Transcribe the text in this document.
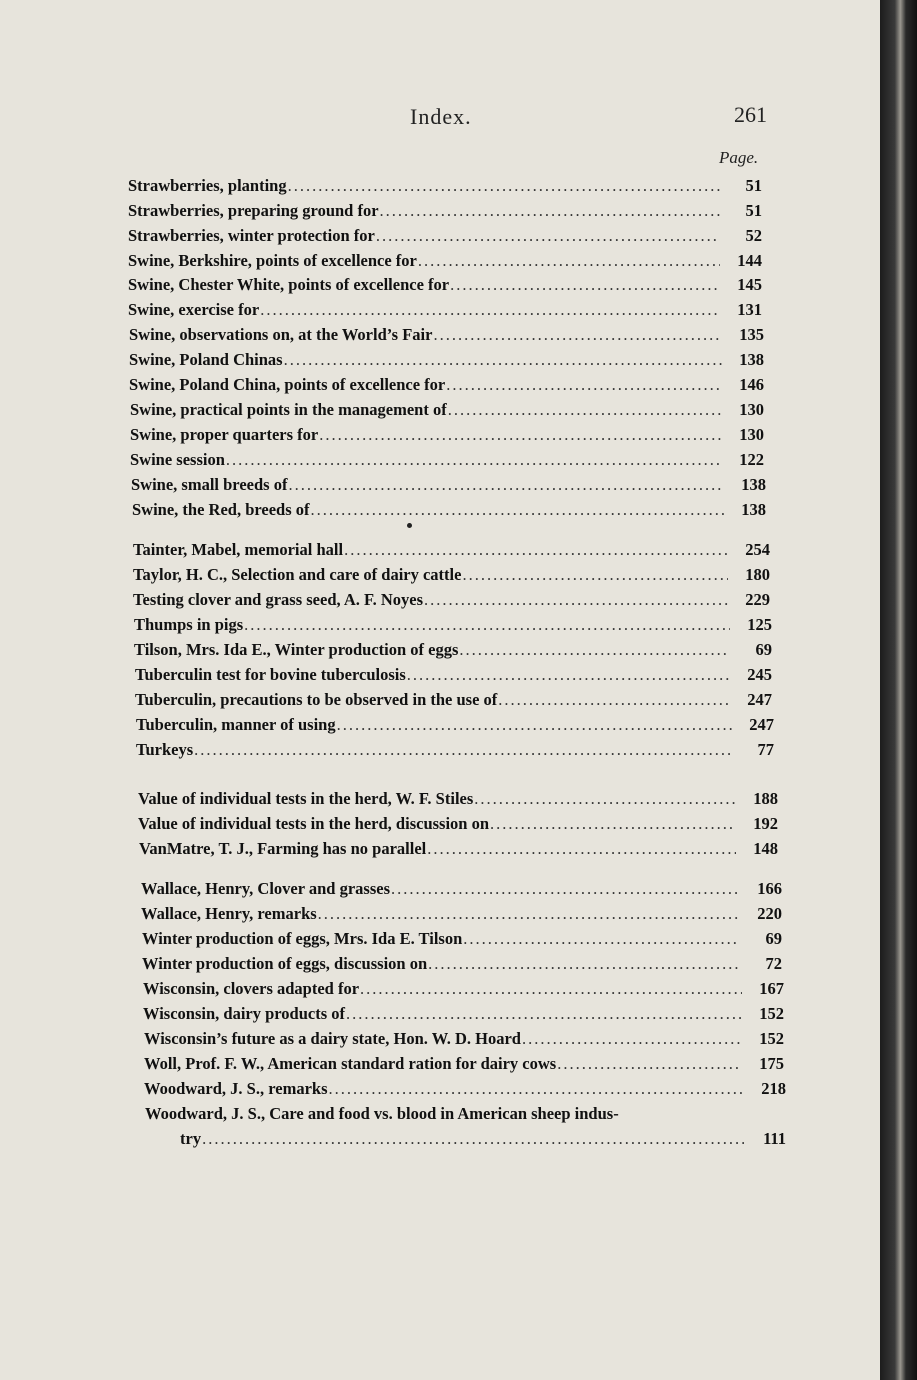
Index.	261
Page.
Strawberries, planting .....	51
Strawberries, preparing ground for .....	51
Strawberries, winter protection for .....	52
Swine, Berkshire, points of excellence for .....	144
Swine, Chester White, points of excellence for .....	145
Swine, exercise for .....	131
Swine, observations on, at the World’s Fair .....	135
Swine, Poland Chinas .....	138
Swine, Poland China, points of excellence for .....	146
Swine, practical points in the management of .....	130
Swine, proper quarters for .....	130
Swine session .....	122
Swine, small breeds of .....	138
Swine, the Red, breeds of .....	138
Tainter, Mabel, memorial hall .....	254
Taylor, H. C., Selection and care of dairy cattle .....	180
Testing clover and grass seed, A. F. Noyes .....	229
Thumps in pigs .....	125
Tilson, Mrs. Ida E., Winter production of eggs .....	69
Tuberculin test for bovine tuberculosis .....	245
Tuberculin, precautions to be observed in the use of .....	247
Tuberculin, manner of using .....	247
Turkeys .....	77
Value of individual tests in the herd, W. F. Stiles .....	188
Value of individual tests in the herd, discussion on .....	192
VanMatre, T. J., Farming has no parallel .....	148
Wallace, Henry, Clover and grasses .....	166
Wallace, Henry, remarks .....	220
Winter production of eggs, Mrs. Ida E. Tilson .....	69
Winter production of eggs, discussion on .....	72
Wisconsin, clovers adapted for .....	167
Wisconsin, dairy products of .....	152
Wisconsin’s future as a dairy state, Hon. W. D. Hoard .....	152
Woll, Prof. F. W., American standard ration for dairy cows .....	175
Woodward, J. S., remarks .....	218
Woodward, J. S., Care and food vs. blood in American sheep indus-
try .....	111
